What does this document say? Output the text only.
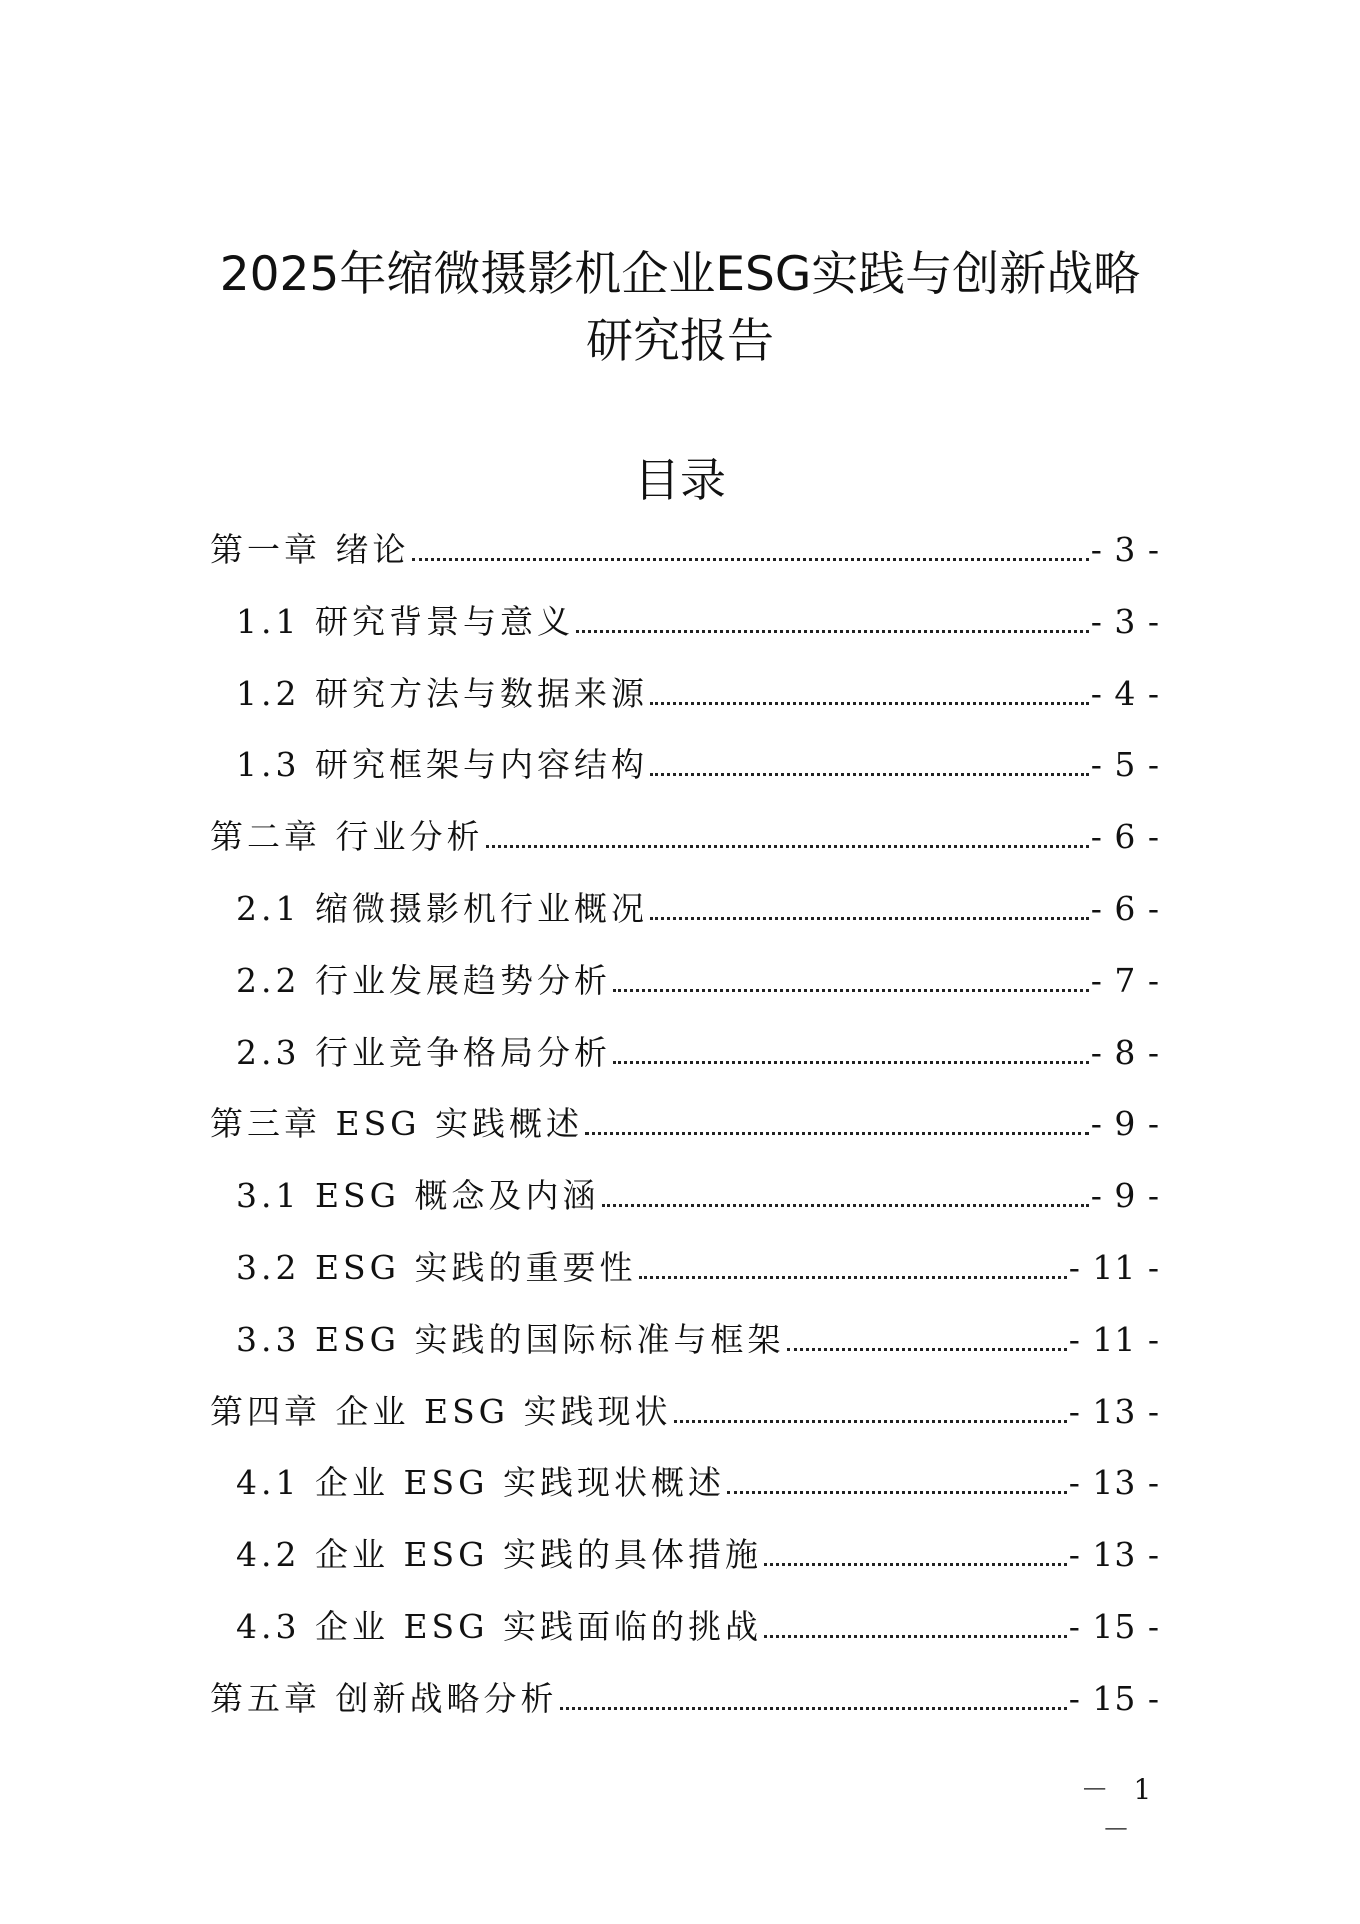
2025年缩微摄影机企业ESG实践与创新战略
研究报告
目录
第一章 绪论	- 3 -
1.1 研究背景与意义	- 3 -
1.2 研究方法与数据来源	- 4 -
1.3 研究框架与内容结构	- 5 -
第二章 行业分析	- 6 -
2.1 缩微摄影机行业概况	- 6 -
2.2 行业发展趋势分析	- 7 -
2.3 行业竞争格局分析	- 8 -
第三章 ESG 实践概述	- 9 -
3.1 ESG 概念及内涵	- 9 -
3.2 ESG 实践的重要性	- 11 -
3.3 ESG 实践的国际标准与框架	- 11 -
第四章 企业 ESG 实践现状	- 13 -
4.1 企业 ESG 实践现状概述	- 13 -
4.2 企业 ESG 实践的具体措施	- 13 -
4.3 企业 ESG 实践面临的挑战	- 15 -
第五章 创新战略分析	- 15 -

－ 1 －
